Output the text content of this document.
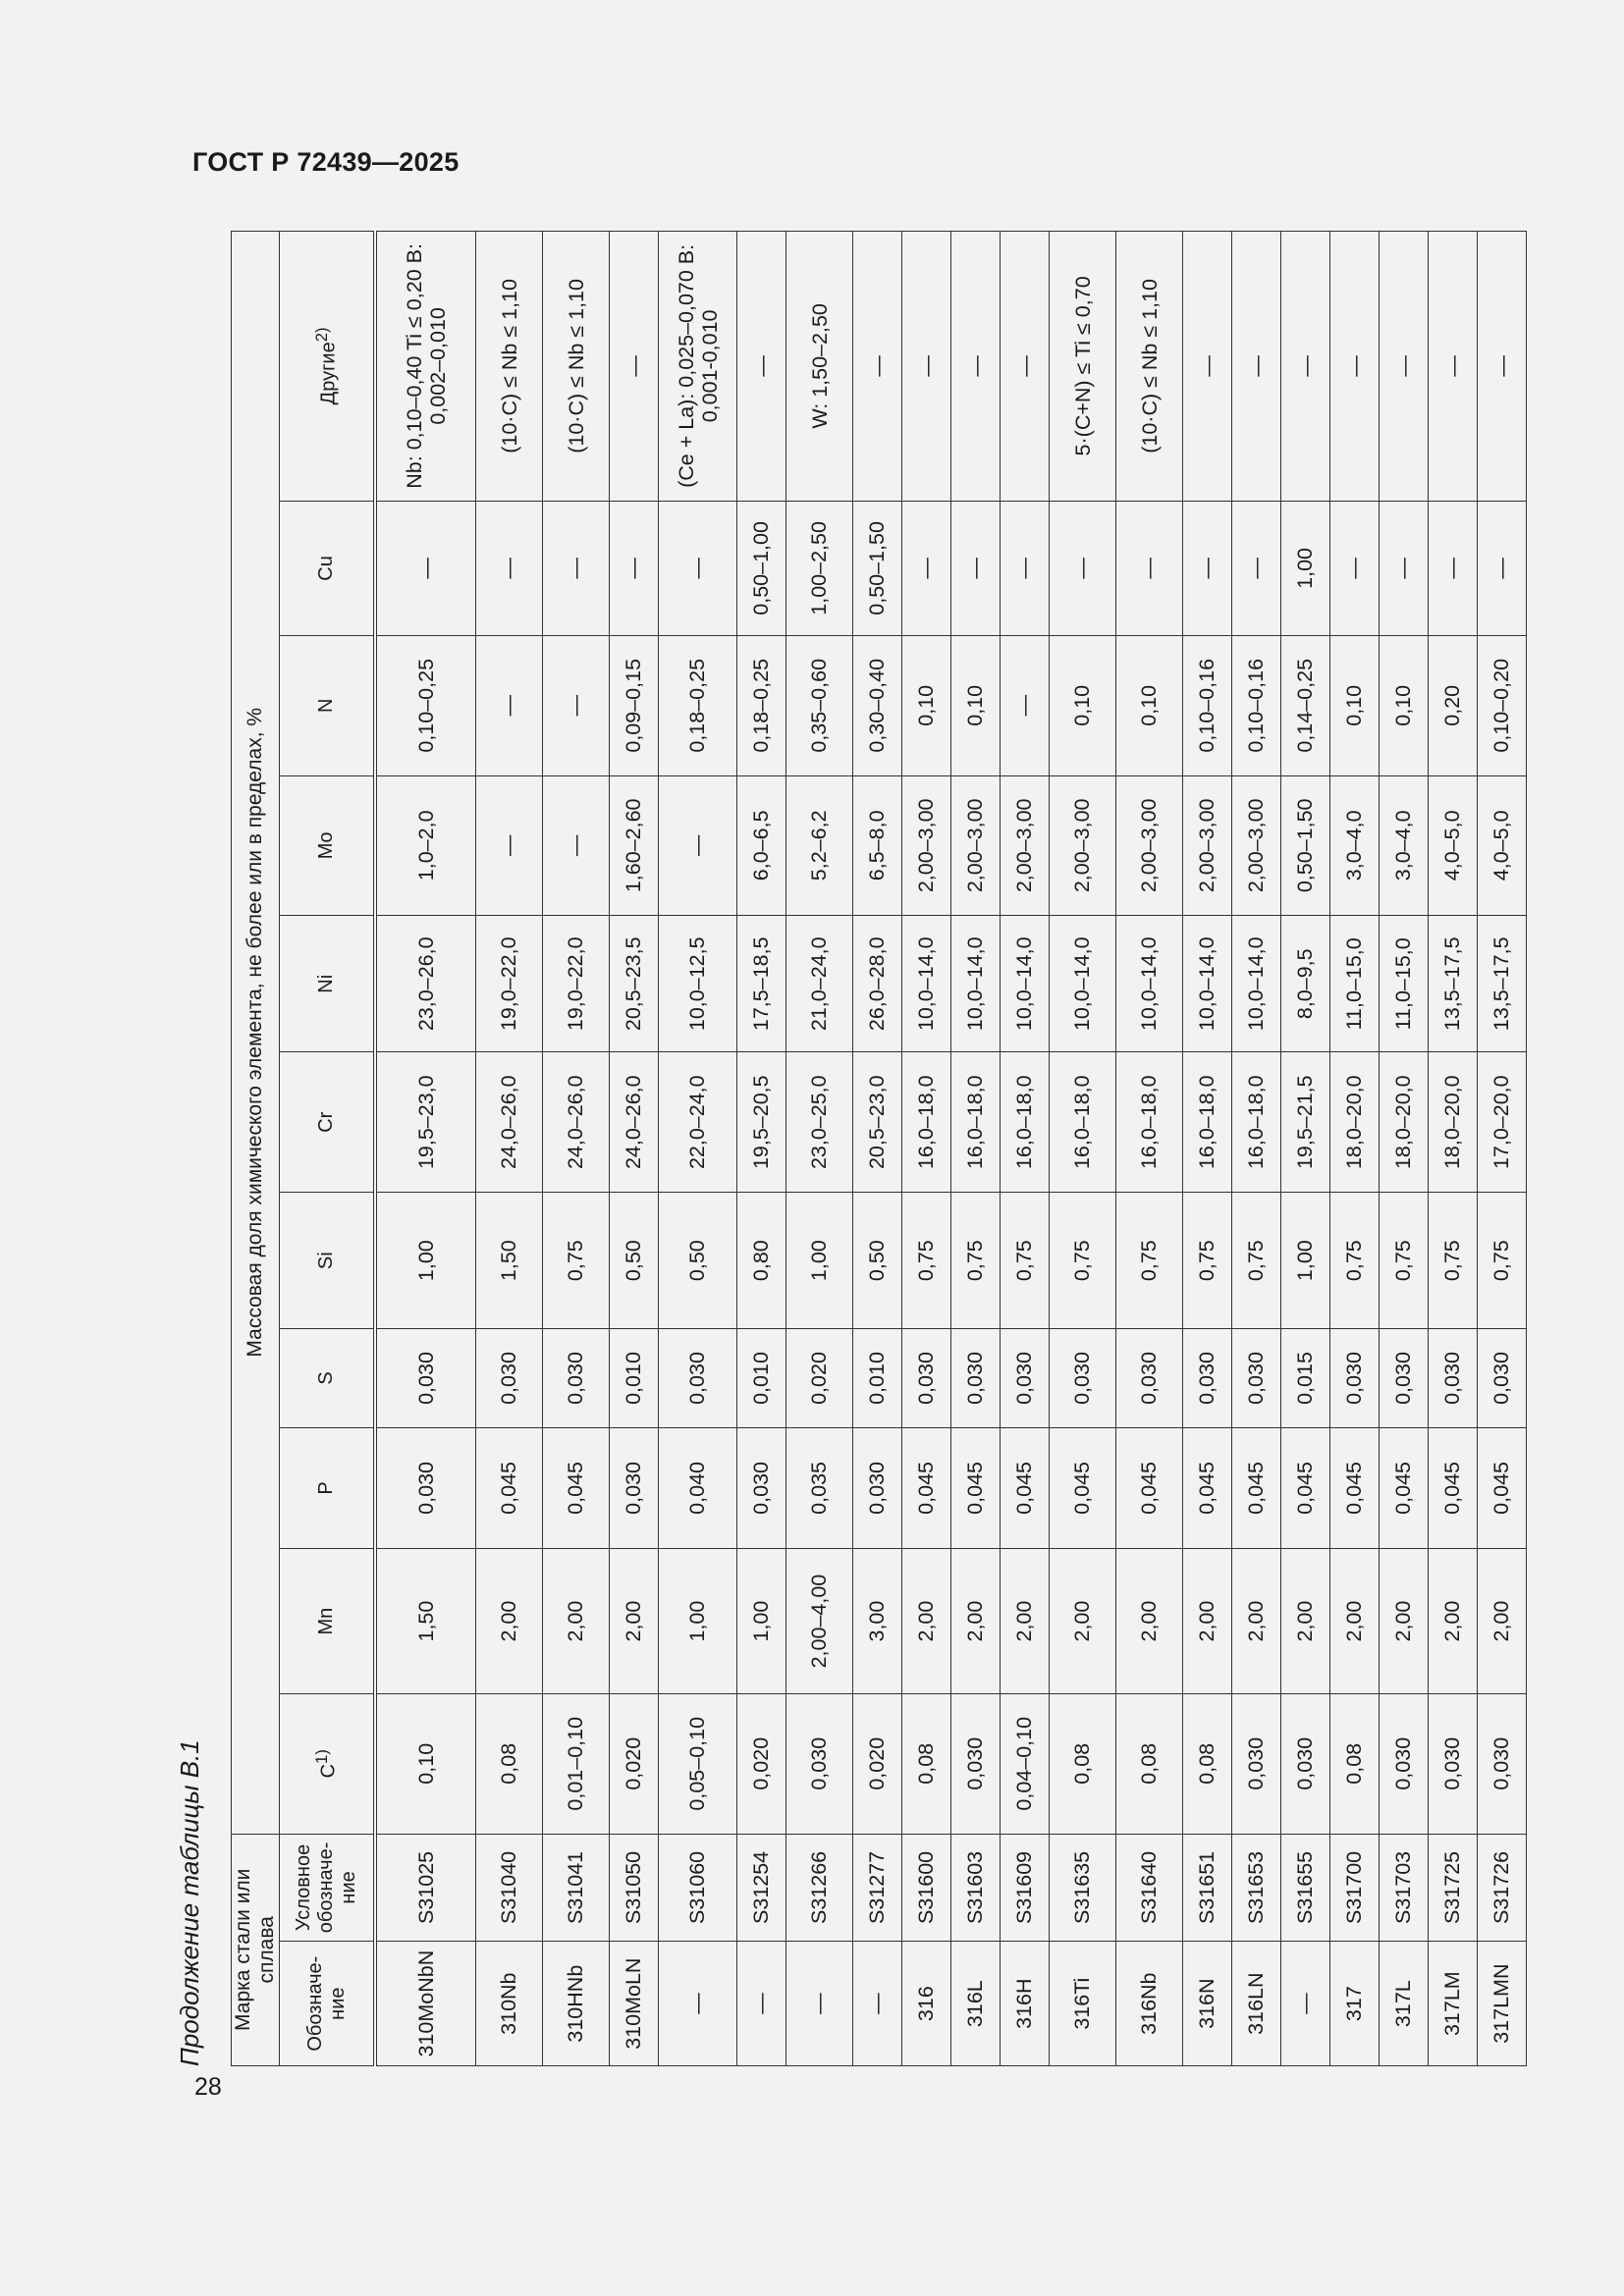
ГОСТ Р 72439—2025
28
Продолжение таблицы В.1 Марка стали или сплава		Массовая доля химического элемента, не более или в пределах, %										
Обозначе-ние	Условное обозначе-ние	$C^{1)}$	Mn	P	S	Si	Cr	Ni	Mo	N	Cu	Другие$^{2)}$
310MoNbN	S31025	0,10	1,50	0,030	0,030	1,00	19,5–23,0	23,0–26,0	1,0–2,0	0,10–0,25	—	Nb: 0,10–0,40 Ti ≤ 0,20 B: 0,002–0,010
310Nb	S31040	0,08	2,00	0,045	0,030	1,50	24,0–26,0	19,0–22,0	—	—	—	(10·C) ≤ Nb ≤ 1,10
310HNb	S31041	0,01–0,10	2,00	0,045	0,030	0,75	24,0–26,0	19,0–22,0	—	—	—	(10·C) ≤ Nb ≤ 1,10
310MoLN	S31050	0,020	2,00	0,030	0,010	0,50	24,0–26,0	20,5–23,5	1,60–2,60	0,09–0,15	—	—
—	S31060	0,05–0,10	1,00	0,040	0,030	0,50	22,0–24,0	10,0–12,5	—	0,18–0,25	—	(Ce + La): 0,025–0,070 B: 0,001-0,010
—	S31254	0,020	1,00	0,030	0,010	0,80	19,5–20,5	17,5–18,5	6,0–6,5	0,18–0,25	0,50–1,00	—
—	S31266	0,030	2,00–4,00	0,035	0,020	1,00	23,0–25,0	21,0–24,0	5,2–6,2	0,35–0,60	1,00–2,50	W: 1,50–2,50
—	S31277	0,020	3,00	0,030	0,010	0,50	20,5–23,0	26,0–28,0	6,5–8,0	0,30–0,40	0,50–1,50	—
316	S31600	0,08	2,00	0,045	0,030	0,75	16,0–18,0	10,0–14,0	2,00–3,00	0,10	—	—
316L	S31603	0,030	2,00	0,045	0,030	0,75	16,0–18,0	10,0–14,0	2,00–3,00	0,10	—	—
316H	S31609	0,04–0,10	2,00	0,045	0,030	0,75	16,0–18,0	10,0–14,0	2,00–3,00	—	—	—
316Ti	S31635	0,08	2,00	0,045	0,030	0,75	16,0–18,0	10,0–14,0	2,00–3,00	0,10	—	5·(C+N) ≤ Ti ≤ 0,70
316Nb	S31640	0,08	2,00	0,045	0,030	0,75	16,0–18,0	10,0–14,0	2,00–3,00	0,10	—	(10·C) ≤ Nb ≤ 1,10
316N	S31651	0,08	2,00	0,045	0,030	0,75	16,0–18,0	10,0–14,0	2,00–3,00	0,10–0,16	—	—
316LN	S31653	0,030	2,00	0,045	0,030	0,75	16,0–18,0	10,0–14,0	2,00–3,00	0,10–0,16	—	—
—	S31655	0,030	2,00	0,045	0,015	1,00	19,5–21,5	8,0–9,5	0,50–1,50	0,14–0,25	1,00	—
317	S31700	0,08	2,00	0,045	0,030	0,75	18,0–20,0	11,0–15,0	3,0–4,0	0,10	—	—
317L	S31703	0,030	2,00	0,045	0,030	0,75	18,0–20,0	11,0–15,0	3,0–4,0	0,10	—	—
317LM	S31725	0,030	2,00	0,045	0,030	0,75	18,0–20,0	13,5–17,5	4,0–5,0	0,20	—	—
317LMN	S31726	0,030	2,00	0,045	0,030	0,75	17,0–20,0	13,5–17,5	4,0–5,0	0,10–0,20	—	—
